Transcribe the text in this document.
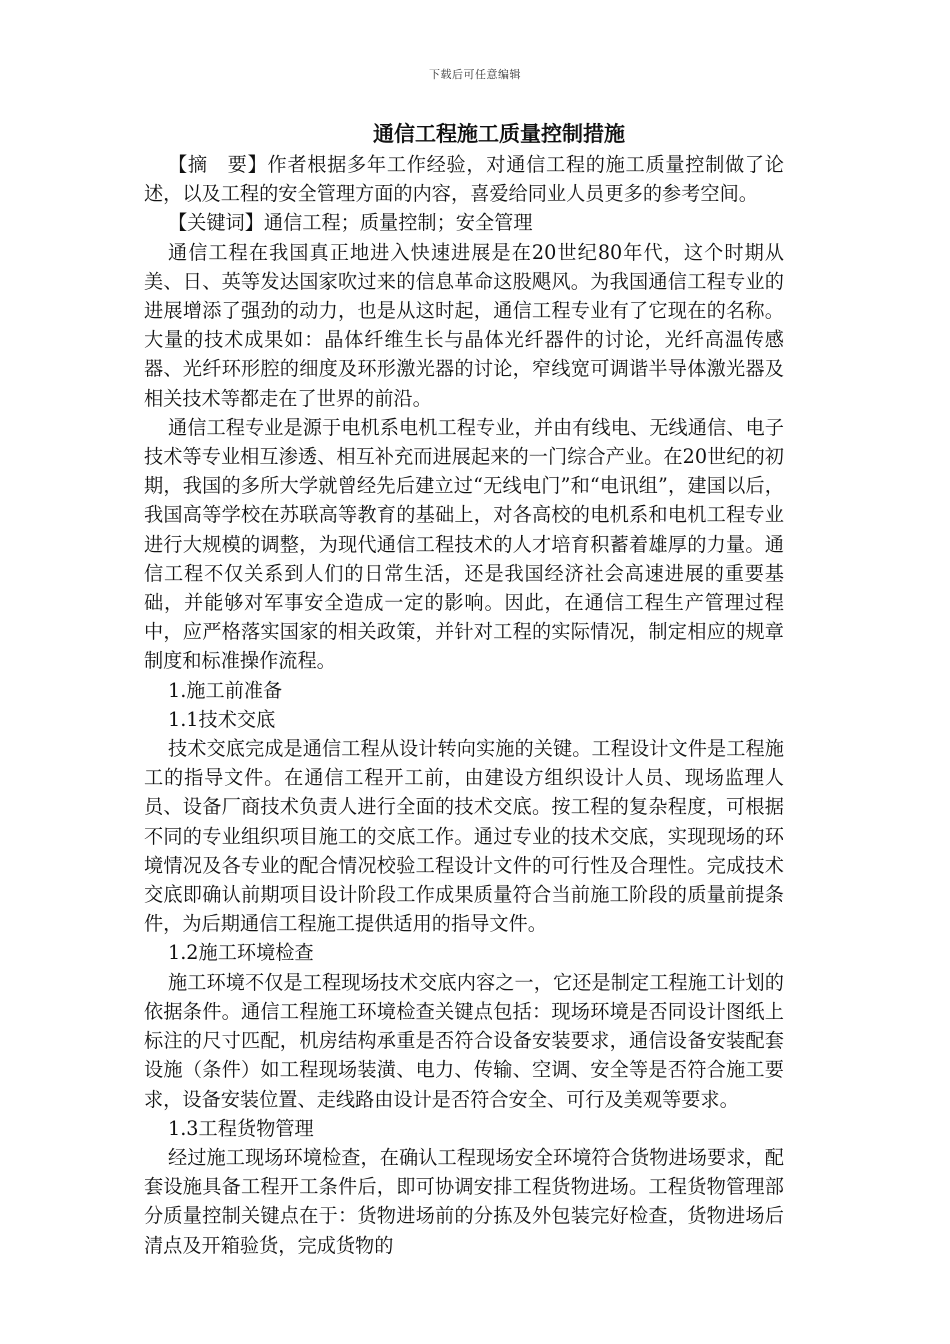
下载后可任意编辑
通信工程施工质量控制措施
【摘　要】作者根据多年工作经验，对通信工程的施工质量控制做了论述，以及工程的安全管理方面的内容，喜爱给同业人员更多的参考空间。
【关键词】通信工程；质量控制；安全管理
通信工程在我国真正地进入快速进展是在20世纪80年代，这个时期从美、日、英等发达国家吹过来的信息革命这股飓风。为我国通信工程专业的进展增添了强劲的动力，也是从这时起，通信工程专业有了它现在的名称。大量的技术成果如：晶体纤维生长与晶体光纤器件的讨论，光纤高温传感器、光纤环形腔的细度及环形激光器的讨论，窄线宽可调谐半导体激光器及相关技术等都走在了世界的前沿。
通信工程专业是源于电机系电机工程专业，并由有线电、无线通信、电子技术等专业相互渗透、相互补充而进展起来的一门综合产业。在20世纪的初期，我国的多所大学就曾经先后建立过“无线电门”和“电讯组”，建国以后，我国高等学校在苏联高等教育的基础上，对各高校的电机系和电机工程专业进行大规模的调整，为现代通信工程技术的人才培育积蓄着雄厚的力量。通信工程不仅关系到人们的日常生活，还是我国经济社会高速进展的重要基础，并能够对军事安全造成一定的影响。因此，在通信工程生产管理过程中，应严格落实国家的相关政策，并针对工程的实际情况，制定相应的规章制度和标准操作流程。
1.施工前准备
1.1技术交底
技术交底完成是通信工程从设计转向实施的关键。工程设计文件是工程施工的指导文件。在通信工程开工前，由建设方组织设计人员、现场监理人员、设备厂商技术负责人进行全面的技术交底。按工程的复杂程度，可根据不同的专业组织项目施工的交底工作。通过专业的技术交底，实现现场的环境情况及各专业的配合情况校验工程设计文件的可行性及合理性。完成技术交底即确认前期项目设计阶段工作成果质量符合当前施工阶段的质量前提条件，为后期通信工程施工提供适用的指导文件。
1.2施工环境检查
施工环境不仅是工程现场技术交底内容之一，它还是制定工程施工计划的依据条件。通信工程施工环境检查关键点包括：现场环境是否同设计图纸上标注的尺寸匹配，机房结构承重是否符合设备安装要求，通信设备安装配套设施（条件）如工程现场装潢、电力、传输、空调、安全等是否符合施工要求，设备安装位置、走线路由设计是否符合安全、可行及美观等要求。
1.3工程货物管理
经过施工现场环境检查，在确认工程现场安全环境符合货物进场要求，配套设施具备工程开工条件后，即可协调安排工程货物进场。工程货物管理部分质量控制关键点在于：货物进场前的分拣及外包装完好检查，货物进场后清点及开箱验货，完成货物的
